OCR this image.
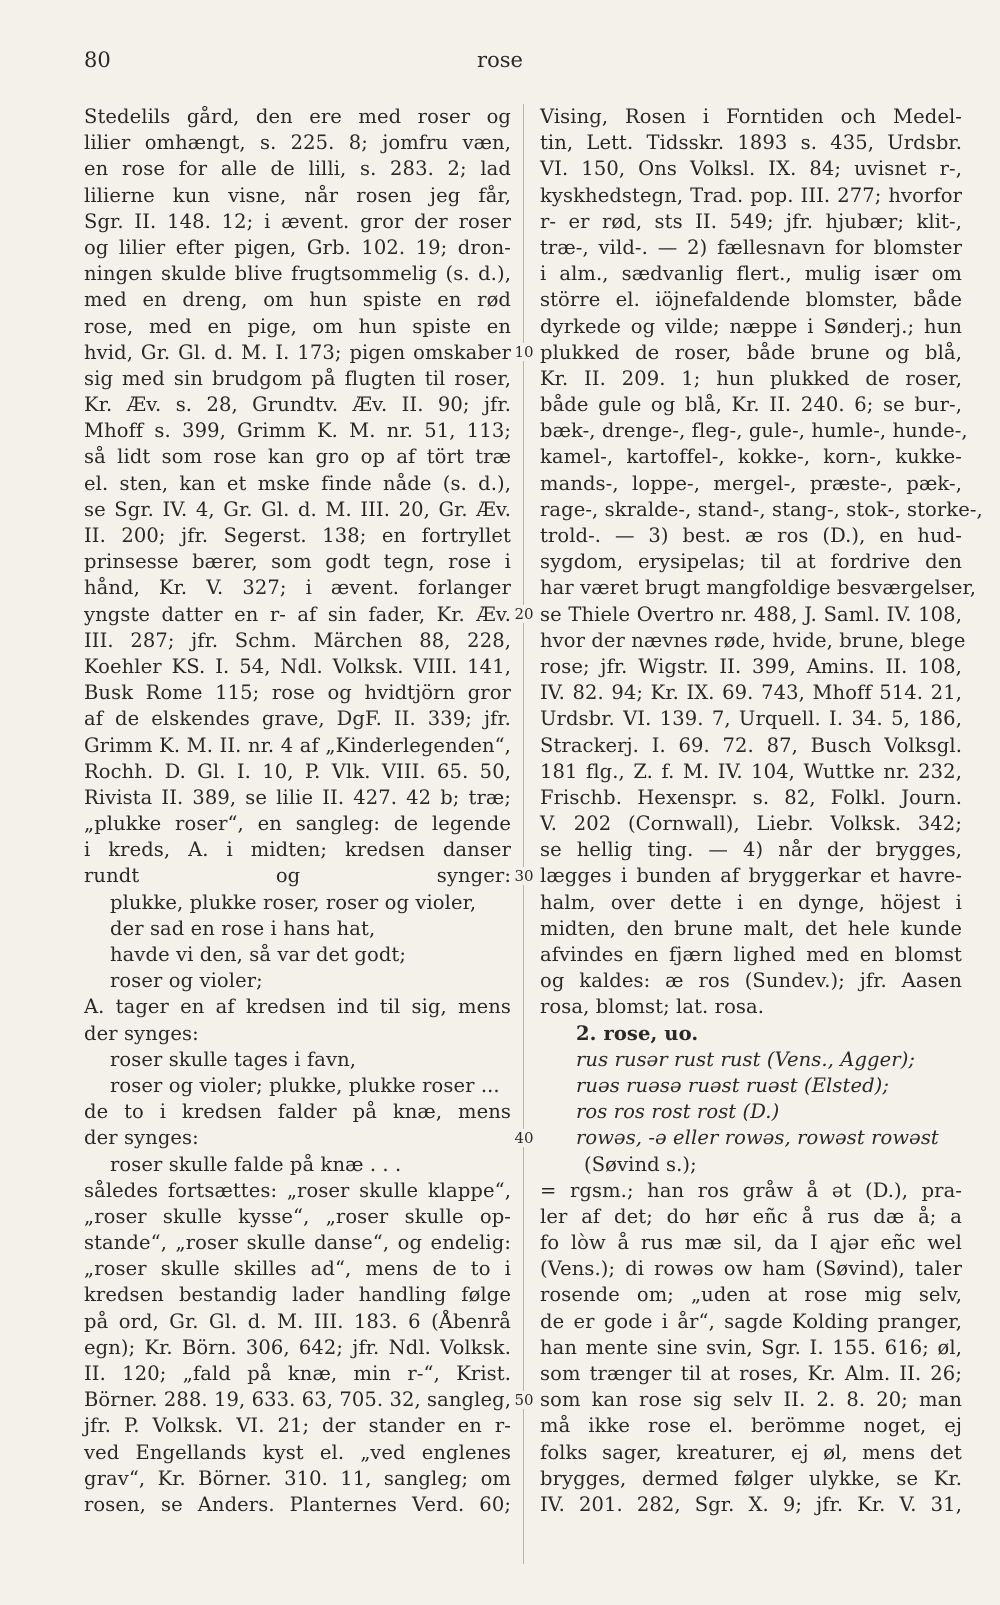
80	rose
10
20
30
40
50
Stedelils gård, den ere med roser og
lilier omhængt, s. 225. 8; jomfru væn,
en rose for alle de lilli, s. 283. 2; lad
lilierne kun visne, når rosen jeg får,
Sgr. II. 148. 12; i ævent. gror der roser
og lilier efter pigen, Grb. 102. 19; dron-
ningen skulde blive frugtsommelig (s. d.),
med en dreng, om hun spiste en rød
rose, med en pige, om hun spiste en
hvid, Gr. Gl. d. M. I. 173; pigen omskaber
sig med sin brudgom på flugten til roser,
Kr. Æv. s. 28, Grundtv. Æv. II. 90; jfr.
Mhoff s. 399, Grimm K. M. nr. 51, 113;
så lidt som rose kan gro op af tört træ
el. sten, kan et mske finde nåde (s. d.),
se Sgr. IV. 4, Gr. Gl. d. M. III. 20, Gr. Æv.
II. 200; jfr. Segerst. 138; en fortryllet
prinsesse bærer, som godt tegn, rose i
hånd, Kr. V. 327; i ævent. forlanger
yngste datter en r- af sin fader, Kr. Æv.
III. 287; jfr. Schm. Märchen 88, 228,
Koehler KS. I. 54, Ndl. Volksk. VIII. 141,
Busk Rome 115; rose og hvidtjörn gror
af de elskendes grave, DgF. II. 339; jfr.
Grimm K. M. II. nr. 4 af „Kinderlegenden“,
Rochh. D. Gl. I. 10, P. Vlk. VIII. 65. 50,
Rivista II. 389, se lilie II. 427. 42 b; træ;
„plukke roser“, en sangleg: de legende
i kreds, A. i midten; kredsen danser
rundt og synger:
plukke, plukke roser, roser og violer,
der sad en rose i hans hat,
havde vi den, så var det godt;
roser og violer;
A. tager en af kredsen ind til sig, mens
der synges:
roser skulle tages i favn,
roser og violer; plukke, plukke roser ...
de to i kredsen falder på knæ, mens
der synges:
roser skulle falde på knæ . . .
således fortsættes: „roser skulle klappe“,
„roser skulle kysse“, „roser skulle op-
stande“, „roser skulle danse“, og endelig:
„roser skulle skilles ad“, mens de to i
kredsen bestandig lader handling følge
på ord, Gr. Gl. d. M. III. 183. 6 (Åbenrå
egn); Kr. Börn. 306, 642; jfr. Ndl. Volksk.
II. 120; „fald på knæ, min r-“, Krist.
Börner. 288. 19, 633. 63, 705. 32, sangleg,
jfr. P. Volksk. VI. 21; der stander en r-
ved Engellands kyst el. „ved englenes
grav“, Kr. Börner. 310. 11, sangleg; om
rosen, se Anders. Planternes Verd. 60;
Vising, Rosen i Forntiden och Medel-
tin, Lett. Tidsskr. 1893 s. 435, Urdsbr.
VI. 150, Ons Volksl. IX. 84; uvisnet r-,
kyskhedstegn, Trad. pop. III. 277; hvorfor
r- er rød, sts II. 549; jfr. hjubær; klit-,
træ-, vild-. — 2) fællesnavn for blomster
i alm., sædvanlig flert., mulig især om
större el. iöjnefaldende blomster, både
dyrkede og vilde; næppe i Sønderj.; hun
plukked de roser, både brune og blå,
Kr. II. 209. 1; hun plukked de roser,
både gule og blå, Kr. II. 240. 6; se bur-,
bæk-, drenge-, fleg-, gule-, humle-, hunde-,
kamel-, kartoffel-, kokke-, korn-, kukke-
mands-, loppe-, mergel-, præste-, pæk-,
rage-, skralde-, stand-, stang-, stok-, storke-,
trold-. — 3) best. æ ros (D.), en hud-
sygdom, erysipelas; til at fordrive den
har været brugt mangfoldige besværgelser,
se Thiele Overtro nr. 488, J. Saml. IV. 108,
hvor der nævnes røde, hvide, brune, blege
rose; jfr. Wigstr. II. 399, Amins. II. 108,
IV. 82. 94; Kr. IX. 69. 743, Mhoff 514. 21,
Urdsbr. VI. 139. 7, Urquell. I. 34. 5, 186,
Strackerj. I. 69. 72. 87, Busch Volksgl.
181 flg., Z. f. M. IV. 104, Wuttke nr. 232,
Frischb. Hexenspr. s. 82, Folkl. Journ.
V. 202 (Cornwall), Liebr. Volksk. 342;
se hellig ting. — 4) når der brygges,
lægges i bunden af bryggerkar et havre-
halm, over dette i en dynge, höjest i
midten, den brune malt, det hele kunde
afvindes en fjærn lighed med en blomst
og kaldes: æ ros (Sundev.); jfr. Aasen
rosa, blomst; lat. rosa.
2. rose, uo.
rus rusər rust rust (Vens., Agger);
ruəs ruəsə ruəst ruəst (Elsted);
ros ros rost rost (D.)
rowəs, -ə eller rowəs, rowəst rowəst
(Søvind s.);
= rgsm.; han ros gråw å ət (D.), pra-
ler af det; do hør eñc å rus dæ å; a
fo lòw å rus mæ sil, da I ąjər eñc wel
(Vens.); di rowəs ow ham (Søvind), taler
rosende om; „uden at rose mig selv,
de er gode i år“, sagde Kolding pranger,
han mente sine svin, Sgr. I. 155. 616; øl,
som trænger til at roses, Kr. Alm. II. 26;
som kan rose sig selv II. 2. 8. 20; man
må ikke rose el. berömme noget, ej
folks sager, kreaturer, ej øl, mens det
brygges, dermed følger ulykke, se Kr.
IV. 201. 282, Sgr. X. 9; jfr. Kr. V. 31,
